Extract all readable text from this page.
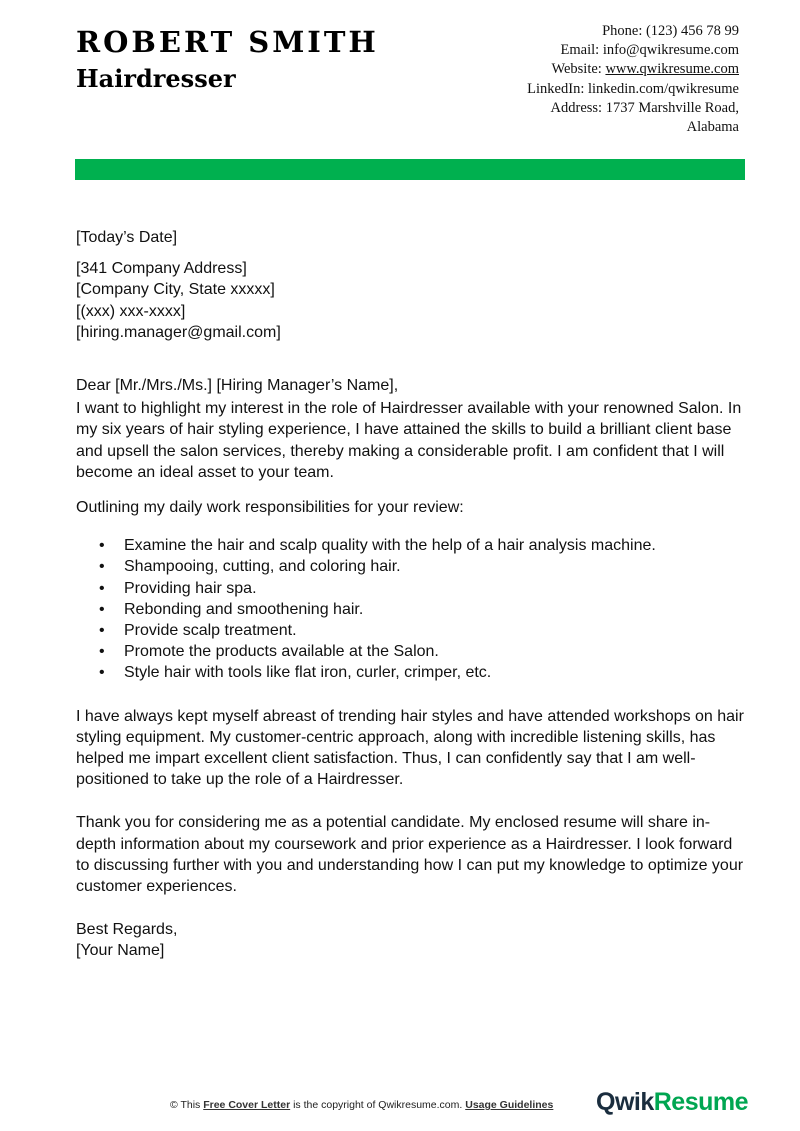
ROBERT SMITH
Hairdresser
Phone: (123) 456 78 99
Email: info@qwikresume.com
Website: www.qwikresume.com
LinkedIn: linkedin.com/qwikresume
Address: 1737 Marshville Road,
Alabama

[Today’s Date]

[341 Company Address]
[Company City, State xxxxx]
[(xxx) xxx-xxxx]
[hiring.manager@gmail.com]

Dear [Mr./Mrs./Ms.] [Hiring Manager’s Name],

I want to highlight my interest in the role of Hairdresser available with your renowned Salon. In my six years of hair styling experience, I have attained the skills to build a brilliant client base and upsell the salon services, thereby making a considerable profit. I am confident that I will become an ideal asset to your team.

Outlining my daily work responsibilities for your review:

• Examine the hair and scalp quality with the help of a hair analysis machine.
• Shampooing, cutting, and coloring hair.
• Providing hair spa.
• Rebonding and smoothening hair.
• Provide scalp treatment.
• Promote the products available at the Salon.
• Style hair with tools like flat iron, curler, crimper, etc.

I have always kept myself abreast of trending hair styles and have attended workshops on hair styling equipment. My customer-centric approach, along with incredible listening skills, has helped me impart excellent client satisfaction. Thus, I can confidently say that I am well-positioned to take up the role of a Hairdresser.

Thank you for considering me as a potential candidate. My enclosed resume will share in-depth information about my coursework and prior experience as a Hairdresser. I look forward to discussing further with you and understanding how I can put my knowledge to optimize your customer experiences.

Best Regards,

[Your Name]

© This Free Cover Letter is the copyright of Qwikresume.com. Usage Guidelines QwikResume
